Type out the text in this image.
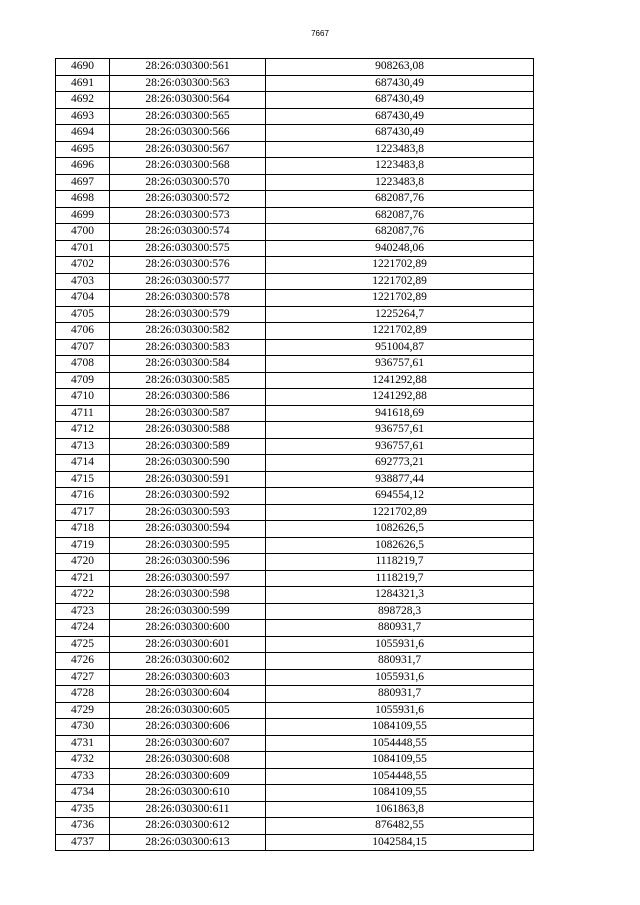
7667
4690	28:26:030300:561	908263,08
4691	28:26:030300:563	687430,49
4692	28:26:030300:564	687430,49
4693	28:26:030300:565	687430,49
4694	28:26:030300:566	687430,49
4695	28:26:030300:567	1223483,8
4696	28:26:030300:568	1223483,8
4697	28:26:030300:570	1223483,8
4698	28:26:030300:572	682087,76
4699	28:26:030300:573	682087,76
4700	28:26:030300:574	682087,76
4701	28:26:030300:575	940248,06
4702	28:26:030300:576	1221702,89
4703	28:26:030300:577	1221702,89
4704	28:26:030300:578	1221702,89
4705	28:26:030300:579	1225264,7
4706	28:26:030300:582	1221702,89
4707	28:26:030300:583	951004,87
4708	28:26:030300:584	936757,61
4709	28:26:030300:585	1241292,88
4710	28:26:030300:586	1241292,88
4711	28:26:030300:587	941618,69
4712	28:26:030300:588	936757,61
4713	28:26:030300:589	936757,61
4714	28:26:030300:590	692773,21
4715	28:26:030300:591	938877,44
4716	28:26:030300:592	694554,12
4717	28:26:030300:593	1221702,89
4718	28:26:030300:594	1082626,5
4719	28:26:030300:595	1082626,5
4720	28:26:030300:596	1118219,7
4721	28:26:030300:597	1118219,7
4722	28:26:030300:598	1284321,3
4723	28:26:030300:599	898728,3
4724	28:26:030300:600	880931,7
4725	28:26:030300:601	1055931,6
4726	28:26:030300:602	880931,7
4727	28:26:030300:603	1055931,6
4728	28:26:030300:604	880931,7
4729	28:26:030300:605	1055931,6
4730	28:26:030300:606	1084109,55
4731	28:26:030300:607	1054448,55
4732	28:26:030300:608	1084109,55
4733	28:26:030300:609	1054448,55
4734	28:26:030300:610	1084109,55
4735	28:26:030300:611	1061863,8
4736	28:26:030300:612	876482,55
4737	28:26:030300:613	1042584,15
